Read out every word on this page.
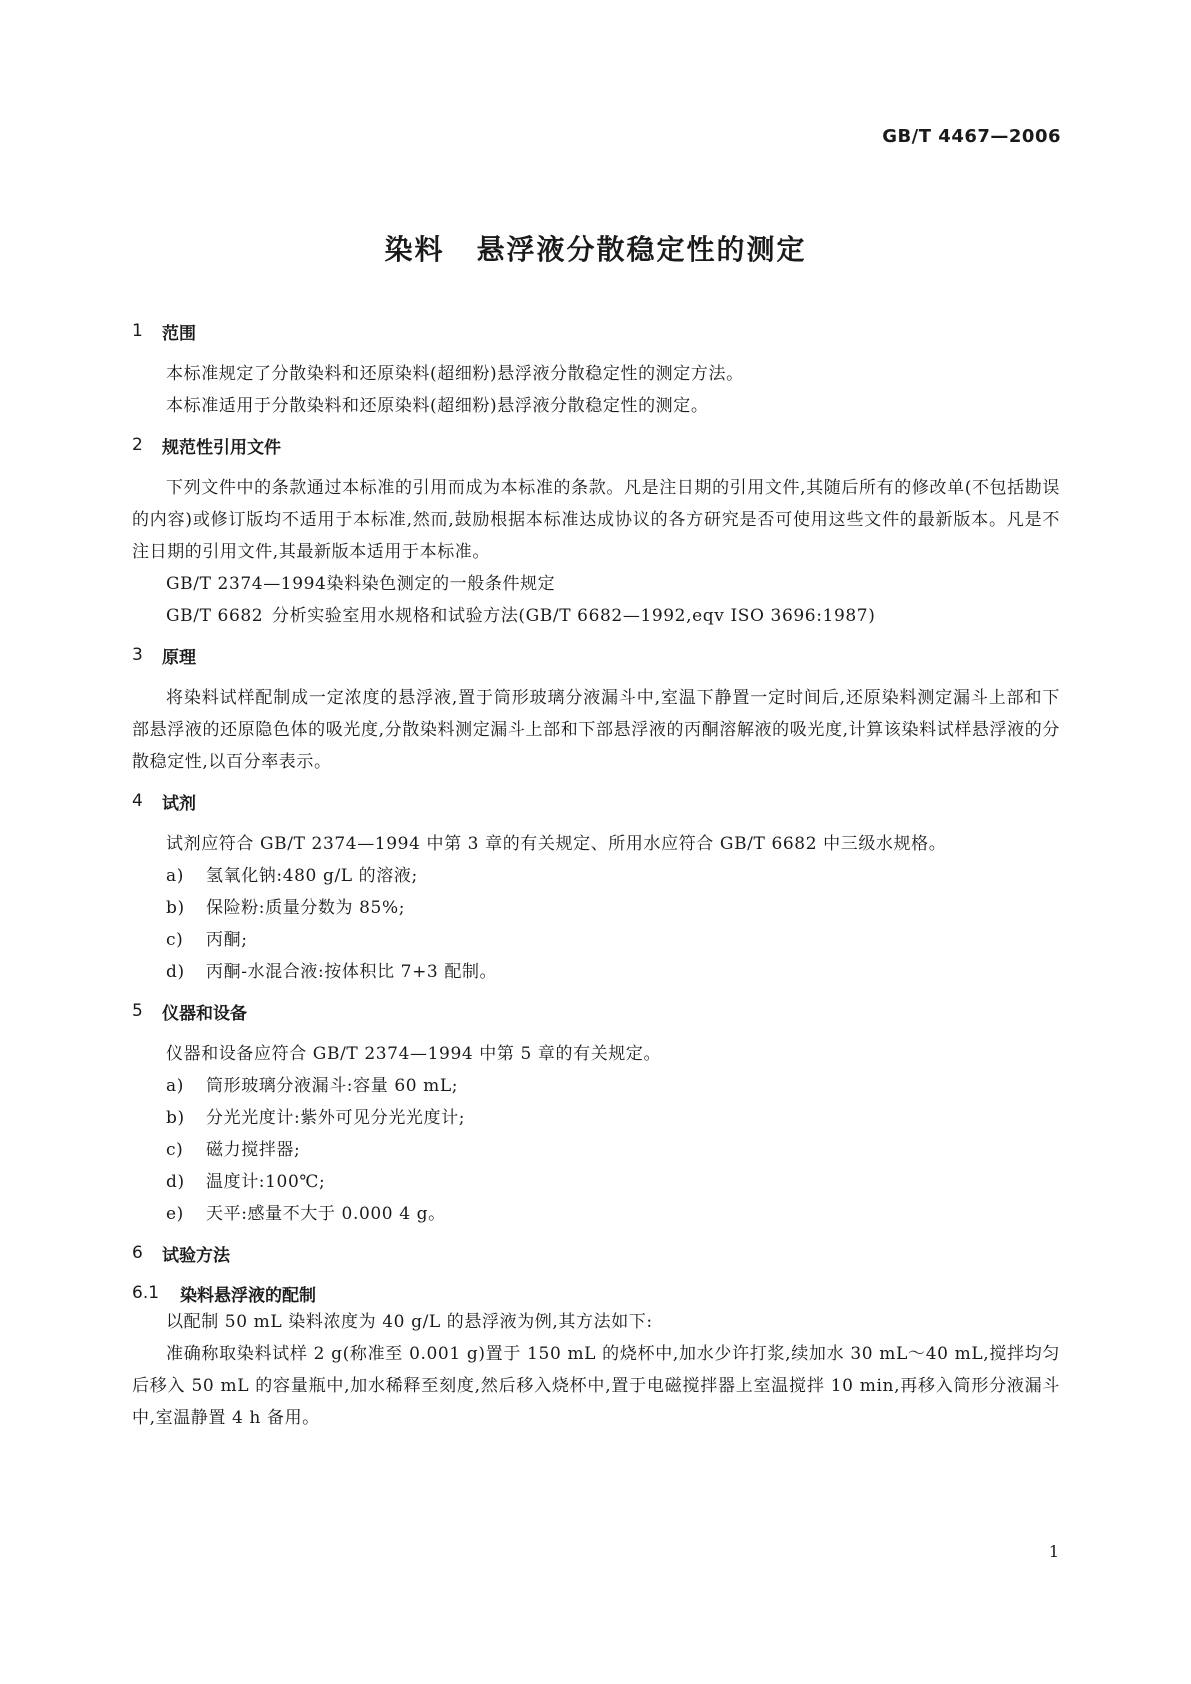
GB/T 4467—2006
染料 悬浮液分散稳定性的测定
1	范围

本标准规定了分散染料和还原染料(超细粉)悬浮液分散稳定性的测定方法。

本标准适用于分散染料和还原染料(超细粉)悬浮液分散稳定性的测定。

2	规范性引用文件

下列文件中的条款通过本标准的引用而成为本标准的条款。凡是注日期的引用文件,其随后所有的修改单(不包括勘误的内容)或修订版均不适用于本标准,然而,鼓励根据本标准达成协议的各方研究是否可使用这些文件的最新版本。凡是不注日期的引用文件,其最新版本适用于本标准。

GB/T 2374—1994染料染色测定的一般条件规定

GB/T 6682 分析实验室用水规格和试验方法(GB/T 6682—1992,eqv ISO 3696:1987)

3	原理

将染料试样配制成一定浓度的悬浮液,置于筒形玻璃分液漏斗中,室温下静置一定时间后,还原染料测定漏斗上部和下部悬浮液的还原隐色体的吸光度,分散染料测定漏斗上部和下部悬浮液的丙酮溶解液的吸光度,计算该染料试样悬浮液的分散稳定性,以百分率表示。

4	试剂

试剂应符合 GB/T 2374—1994 中第 3 章的有关规定、所用水应符合 GB/T 6682 中三级水规格。

a)	氢氧化钠:480 g/L 的溶液;
b)	保险粉:质量分数为 85%;
c)	丙酮;
d)	丙酮-水混合液:按体积比 7+3 配制。
5	仪器和设备

仪器和设备应符合 GB/T 2374—1994 中第 5 章的有关规定。

a)	筒形玻璃分液漏斗:容量 60 mL;
b)	分光光度计:紫外可见分光光度计;
c)	磁力搅拌器;
d)	温度计:100℃;
e)	天平:感量不大于 0.000 4 g。
6	试验方法
6.1	染料悬浮液的配制

以配制 50 mL 染料浓度为 40 g/L 的悬浮液为例,其方法如下:

准确称取染料试样 2 g(称准至 0.001 g)置于 150 mL 的烧杯中,加水少许打浆,续加水 30 mL～40 mL,搅拌均匀后移入 50 mL 的容量瓶中,加水稀释至刻度,然后移入烧杯中,置于电磁搅拌器上室温搅拌 10 min,再移入筒形分液漏斗中,室温静置 4 h 备用。

1
